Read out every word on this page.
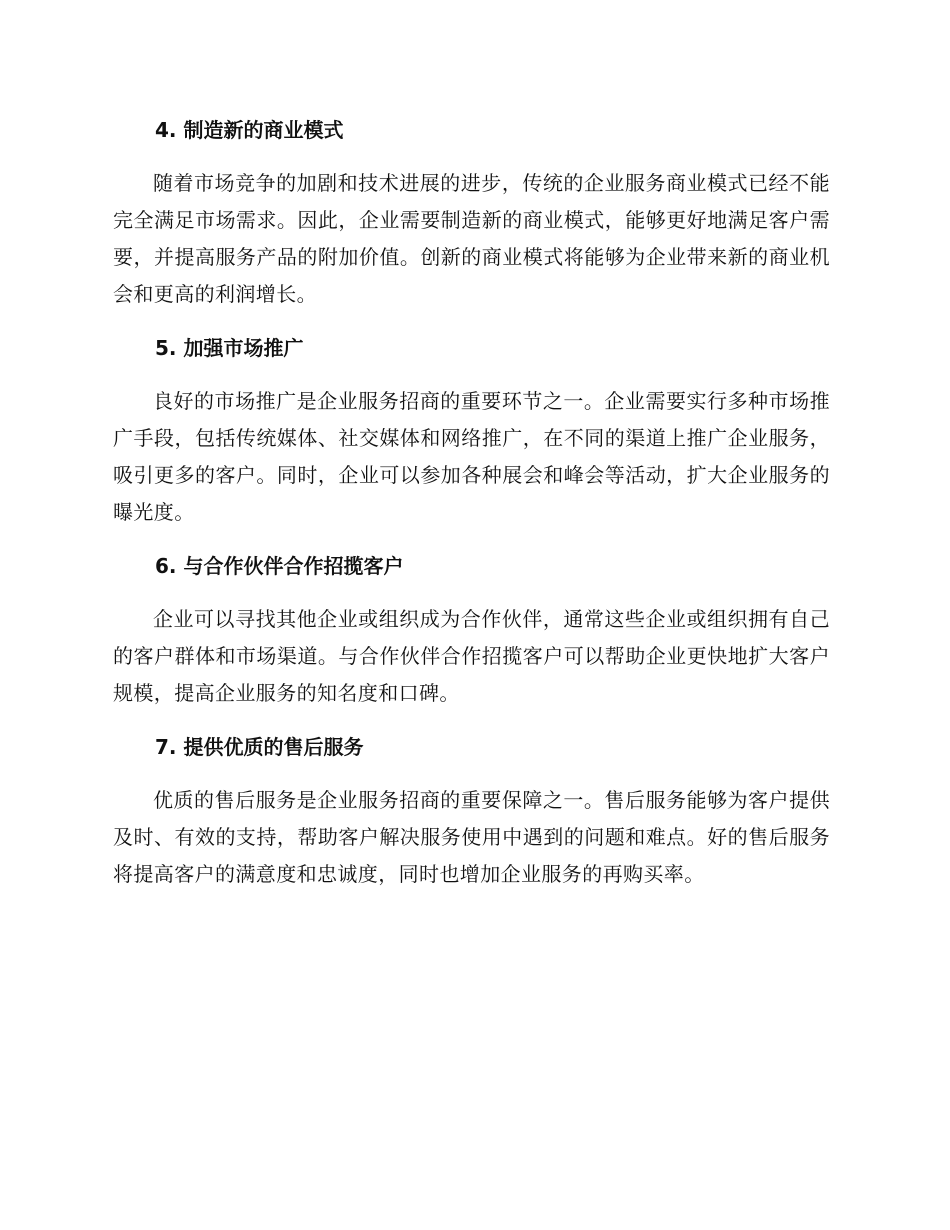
4. 制造新的商业模式

随着市场竞争的加剧和技术进展的进步，传统的企业服务商业模式已经不能完全满足市场需求。因此，企业需要制造新的商业模式，能够更好地满足客户需要，并提高服务产品的附加价值。创新的商业模式将能够为企业带来新的商业机会和更高的利润增长。

5. 加强市场推广

良好的市场推广是企业服务招商的重要环节之一。企业需要实行多种市场推广手段，包括传统媒体、社交媒体和网络推广，在不同的渠道上推广企业服务，吸引更多的客户。同时，企业可以参加各种展会和峰会等活动，扩大企业服务的曝光度。

6. 与合作伙伴合作招揽客户

企业可以寻找其他企业或组织成为合作伙伴，通常这些企业或组织拥有自己的客户群体和市场渠道。与合作伙伴合作招揽客户可以帮助企业更快地扩大客户规模，提高企业服务的知名度和口碑。

7. 提供优质的售后服务

优质的售后服务是企业服务招商的重要保障之一。售后服务能够为客户提供及时、有效的支持，帮助客户解决服务使用中遇到的问题和难点。好的售后服务将提高客户的满意度和忠诚度，同时也增加企业服务的再购买率。
